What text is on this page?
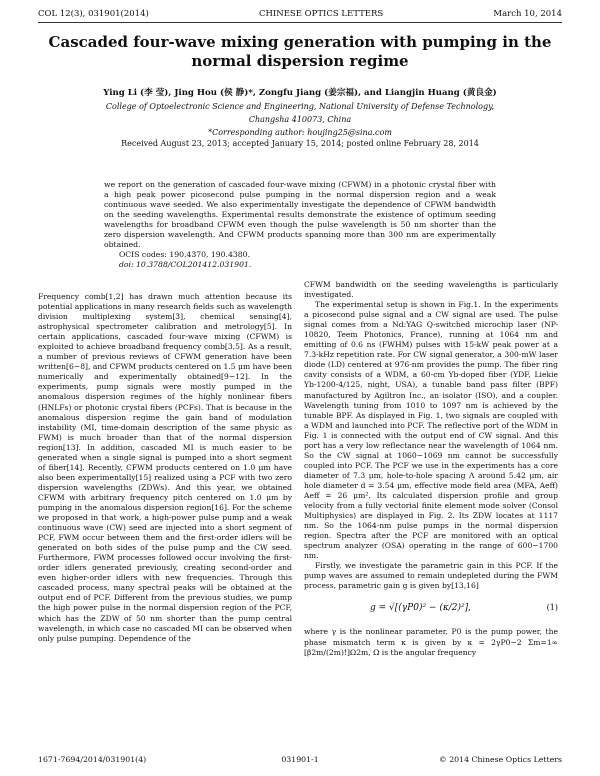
COL 12(3), 031901(2014)	CHINESE OPTICS LETTERS	March 10, 2014
Cascaded four-wave mixing generation with pumping in the normal dispersion regime
Ying Li (李 莹), Jing Hou (侯 静)*, Zongfu Jiang (姜宗福), and Liangjin Huang (黄良金)
College of Optoelectronic Science and Engineering, National University of Defense Technology,
Changsha 410073, China
*Corresponding author: houjing25@sina.com
Received August 23, 2013; accepted January 15, 2014; posted online February 28, 2014

we report on the generation of cascaded four-wave mixing (CFWM) in a photonic crystal fiber with a high peak power picosecond pulse pumping in the normal dispersion region and a weak continuous wave seeded. We also experimentally investigate the dependence of CFWM bandwidth on the seeding wavelengths. Experimental results demonstrate the existence of optimum seeding wavelengths for broadband CFWM even though the pulse wavelength is 50 nm shorter than the zero dispersion wavelength. And CFWM products spanning more than 300 nm are experimentally obtained.

OCIS codes: 190.4370, 190.4380.

doi: 10.3788/COL201412.031901.

Frequency comb[1,2] has drawn much attention because its potential applications in many research fields such as wavelength division multiplexing system[3], chemical sensing[4], astrophysical spectrometer calibration and metrology[5]. In certain applications, cascaded four-wave mixing (CFWM) is exploited to achieve broadband frequency comb[3,5]. As a result, a number of previous reviews of CFWM generation have been written[6−8], and CFWM products centered on 1.5 μm have been numerically and experimentally obtained[9−12]. In the experiments, pump signals were mostly pumped in the anomalous dispersion regimes of the highly nonlinear fibers (HNLFs) or photonic crystal fibers (PCFs). That is because in the anomalous dispersion regime the gain band of modulation instability (MI, time-domain description of the same physic as FWM) is much broader than that of the normal dispersion region[13]. In addition, cascaded MI is much easier to be generated when a single signal is pumped into a short segment of fiber[14]. Recently, CFWM products centered on 1.0 μm have also been experimentally[15] realized using a PCF with two zero dispersion wavelengths (ZDWs). And this year, we obtained CFWM with arbitrary frequency pitch centered on 1.0 μm by pumping in the anomalous dispersion region[16]. For the scheme we proposed in that work, a high-power pulse pump and a weak continuous wave (CW) seed are injected into a short segment of PCF, FWM occur between them and the first-order idlers will be generated on both sides of the pulse pump and the CW seed. Furthermore, FWM processes followed occur involving the first-order idlers generated previously, creating second-order and even higher-order idlers with new frequencies. Through this cascaded process, many spectral peaks will be obtained at the output end of PCF. Different from the previous studies, we pump the high power pulse in the normal dispersion region of the PCF, which has the ZDW of 50 nm shorter than the pump central wavelength, in which case no cascaded MI can be observed when only pulse pumping. Dependence of the

CFWM bandwidth on the seeding wavelengths is particularly investigated.

The experimental setup is shown in Fig.1. In the experiments a picosecond pulse signal and a CW signal are used. The pulse signal comes from a Nd:YAG Q-switched microchip laser (NP-10820, Teem Photonics, France), running at 1064 nm and emitting of 0.6 ns (FWHM) pulses with 15-kW peak power at a 7.3-kHz repetition rate. For CW signal generator, a 300-mW laser diode (LD) centered at 976-nm provides the pump. The fiber ring cavity consists of a WDM, a 60-cm Yb-doped fiber (YDF, Liekie Yb-1200-4/125, night, USA), a tunable band pass filter (BPF) manufactured by Agiltron Inc., an isolator (ISO), and a coupler. Wavelength tuning from 1010 to 1097 nm is achieved by the tunable BPF. As displayed in Fig. 1, two signals are coupled with a WDM and launched into PCF. The reflective port of the WDM in Fig. 1 is connected with the output end of CW signal. And this port has a very low reflectance near the wavelength of 1064 nm. So the CW signal at 1060−1069 nm cannot be successfully coupled into PCF. The PCF we use in the experiments has a core diameter of 7.3 μm, hole-to-hole spacing Λ around 5.42 μm, air hole diameter d = 3.54 μm, effective mode field area (MFA, Aeff) Aeff = 26 μm². Its calculated dispersion profile and group velocity from a fully vectorial finite element mode solver (Consol Multiphysics) are displayed in Fig. 2. Its ZDW locates at 1117 nm. So the 1064-nm pulse pumps in the normal dispersion region. Spectra after the PCF are monitored with an optical spectrum analyzer (OSA) operating in the range of 600−1700 nm.

Firstly, we investigate the parametric gain in this PCF. If the pump waves are assumed to remain undepleted during the FWM process, parametric gain g is given by[13,16]

g = √[(γP0)² − (κ/2)²],	(1)

where γ is the nonlinear parameter, P0 is the pump power, the phase mismatch term κ is given by κ = 2γP0−2 Σm=1∞ [β2m/(2m)!]Ω2m, Ω is the angular frequency

1671-7694/2014/031901(4)	031901-1	© 2014 Chinese Optics Letters
